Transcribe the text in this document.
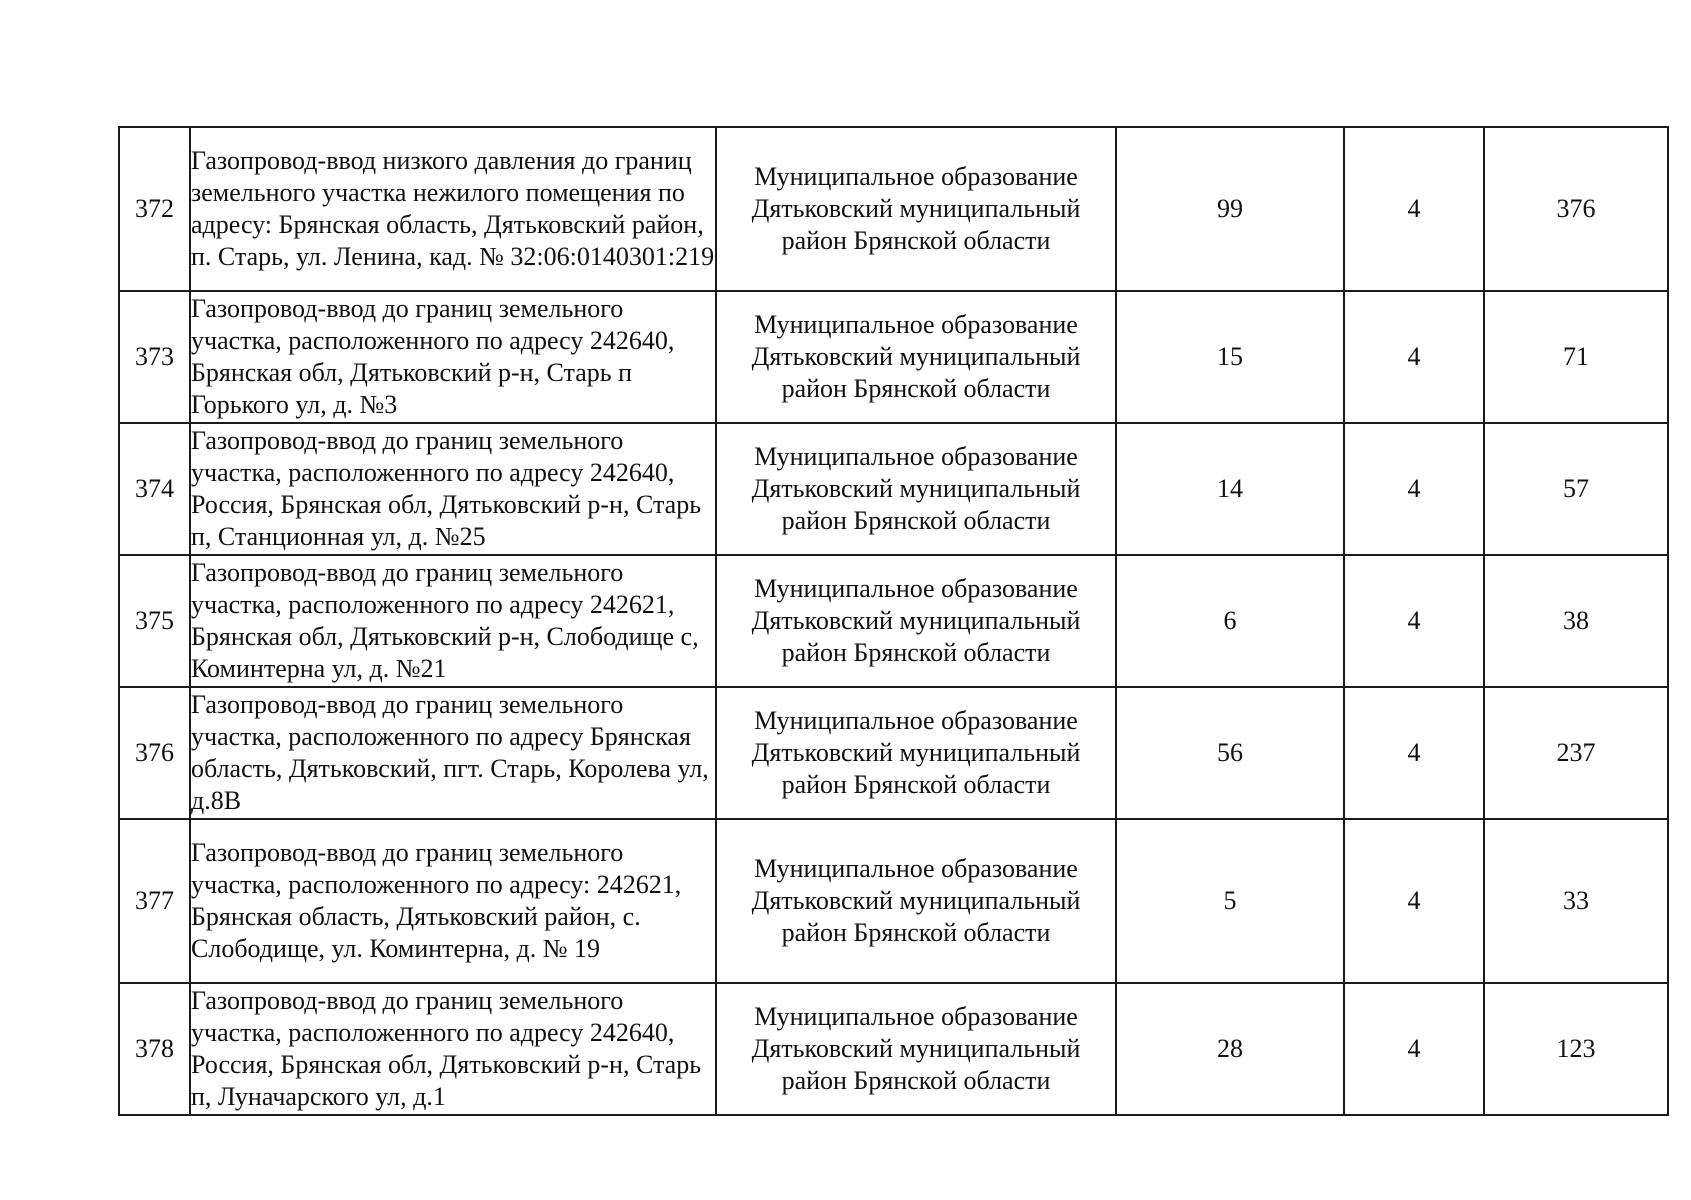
372	Газопровод-ввод низкого давления до границ земельного участка нежилого помещения по адресу: Брянская область, Дятьковский район, п. Старь, ул. Ленина, кад. № 32:06:0140301:219	Муниципальное образование Дятьковский муниципальный район Брянской области	99	4	376
373	Газопровод-ввод до границ земельного участка, расположенного по адресу 242640, Брянская обл, Дятьковский р-н, Старь п Горького ул, д. №3	Муниципальное образование Дятьковский муниципальный район Брянской области	15	4	71
374	Газопровод-ввод до границ земельного участка, расположенного по адресу 242640, Россия, Брянская обл, Дятьковский р-н, Старь п, Станционная ул, д. №25	Муниципальное образование Дятьковский муниципальный район Брянской области	14	4	57
375	Газопровод-ввод до границ земельного участка, расположенного по адресу 242621, Брянская обл, Дятьковский р-н, Слободище с, Коминтерна ул, д. №21	Муниципальное образование Дятьковский муниципальный район Брянской области	6	4	38
376	Газопровод-ввод до границ земельного участка, расположенного по адресу Брянская область, Дятьковский, пгт. Старь, Королева ул, д.8В	Муниципальное образование Дятьковский муниципальный район Брянской области	56	4	237
377	Газопровод-ввод до границ земельного участка, расположенного по адресу: 242621, Брянская область, Дятьковский район, с. Слободище, ул. Коминтерна, д. № 19	Муниципальное образование Дятьковский муниципальный район Брянской области	5	4	33
378	Газопровод-ввод до границ земельного участка, расположенного по адресу 242640, Россия, Брянская обл, Дятьковский р-н, Старь п, Луначарского ул, д.1	Муниципальное образование Дятьковский муниципальный район Брянской области	28	4	123
